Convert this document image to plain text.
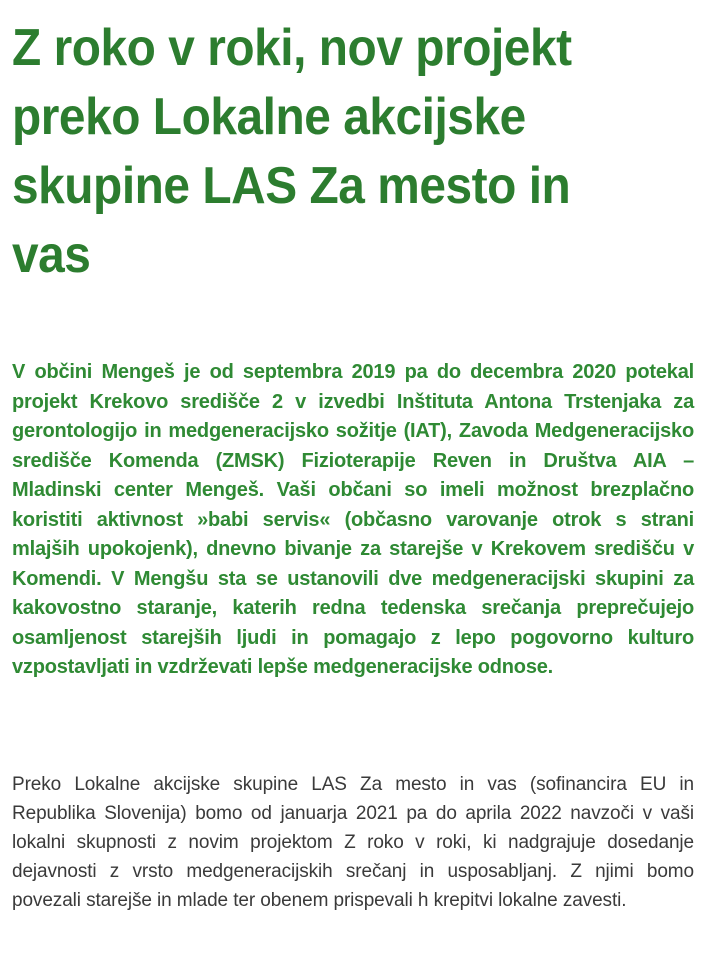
Z roko v roki, nov projekt preko Lokalne akcijske skupine LAS Za mesto in vas

V občini Mengeš je od septembra 2019 pa do decembra 2020 potekal projekt Krekovo središče 2 v izvedbi Inštituta Antona Trstenjaka za gerontologijo in medgeneracijsko sožitje (IAT), Zavoda Medgeneracijsko središče Komenda (ZMSK) Fizioterapije Reven in Društva AIA – Mladinski center Mengeš. Vaši občani so imeli možnost brezplačno koristiti aktivnost »babi servis« (občasno varovanje otrok s strani mlajših upokojenk), dnevno bivanje za starejše v Krekovem središču v Komendi. V Mengšu sta se ustanovili dve medgeneracijski skupini za kakovostno staranje, katerih redna tedenska srečanja preprečujejo osamljenost starejših ljudi in pomagajo z lepo pogovorno kulturo vzpostavljati in vzdrževati lepše medgeneracijske odnose.

Preko Lokalne akcijske skupine LAS Za mesto in vas (sofinancira EU in Republika Slovenija) bomo od januarja 2021 pa do aprila 2022 navzoči v vaši lokalni skupnosti z novim projektom Z roko v roki, ki nadgrajuje dosedanje dejavnosti z vrsto medgeneracijskih srečanj in usposabljanj. Z njimi bomo povezali starejše in mlade ter obenem prispevali h krepitvi lokalne zavesti.
